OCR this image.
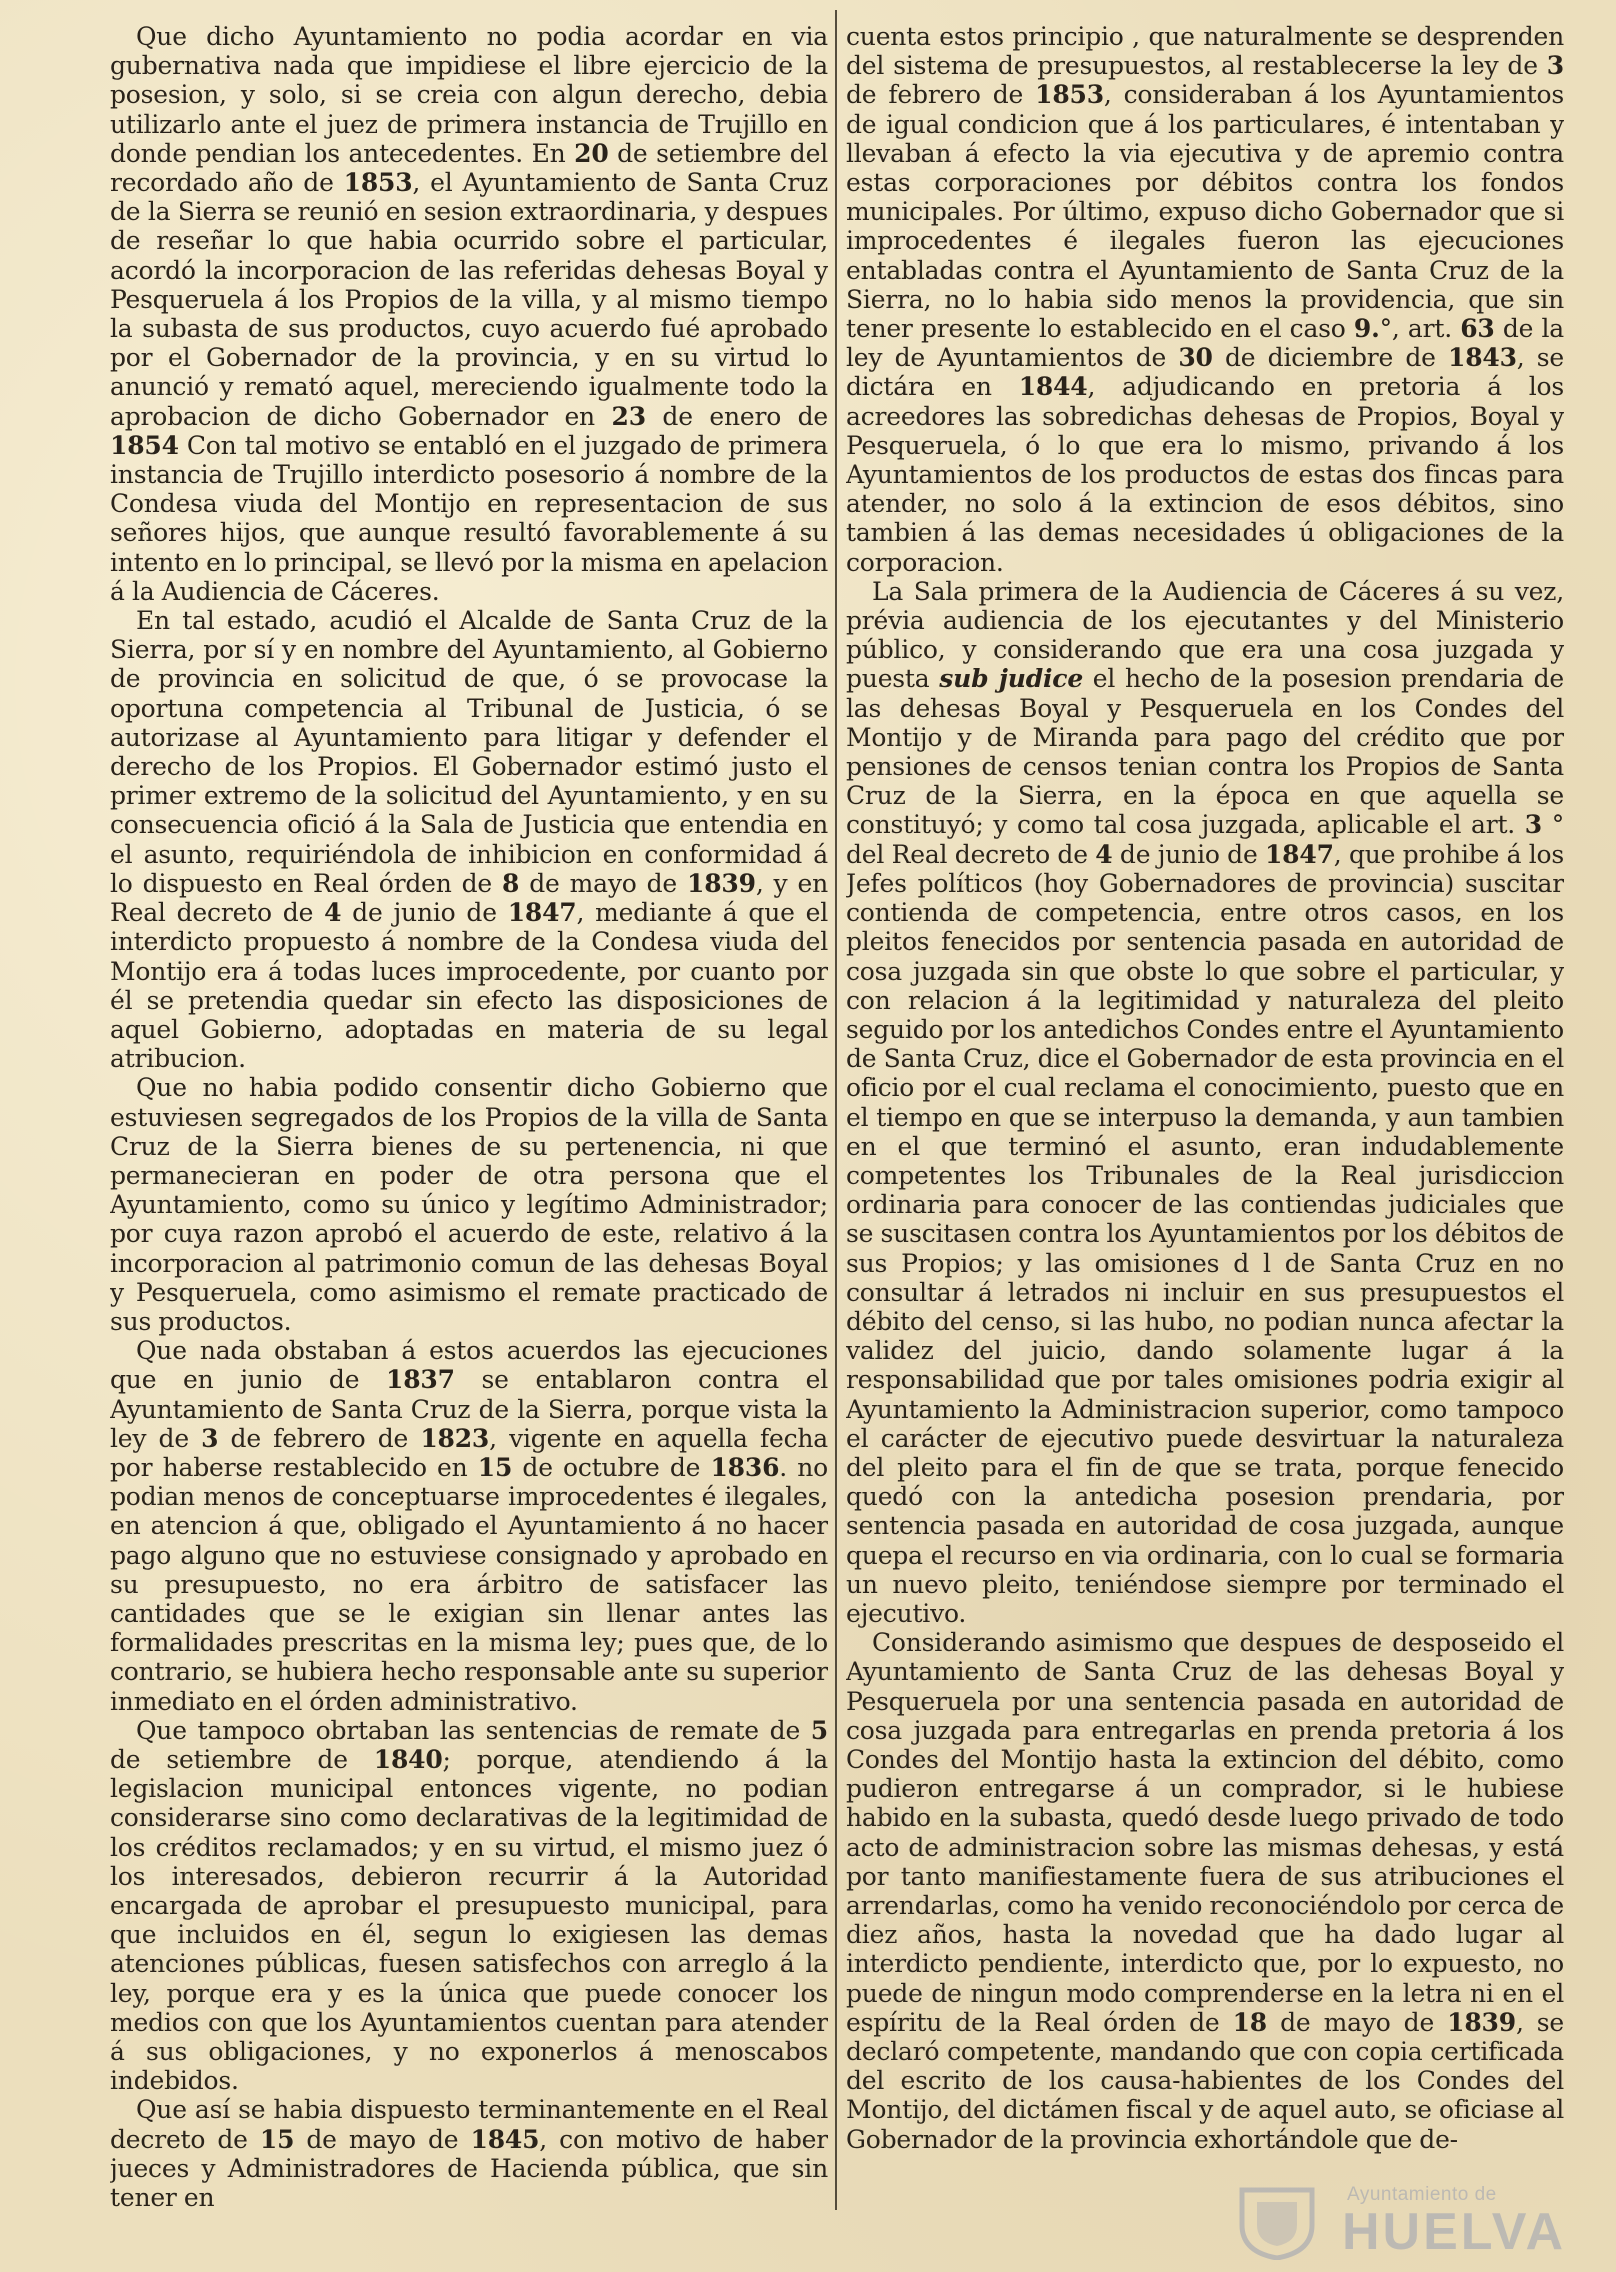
Que dicho Ayuntamiento no podia acordar en via gubernativa nada que impidiese el libre ejercicio de la posesion, y solo, si se creia con algun derecho, debia utilizarlo ante el juez de primera instancia de Trujillo en donde pendian los antecedentes. En 20 de setiembre del recordado año de 1853, el Ayuntamiento de Santa Cruz de la Sierra se reunió en sesion extraordinaria, y despues de reseñar lo que habia ocurrido sobre el particular, acordó la incorporacion de las referidas dehesas Boyal y Pesqueruela á los Propios de la villa, y al mismo tiempo la subasta de sus productos, cuyo acuerdo fué aprobado por el Gobernador de la provincia, y en su virtud lo anunció y remató aquel, mereciendo igualmente todo la aprobacion de dicho Gobernador en 23 de enero de 1854 Con tal motivo se entabló en el juzgado de primera instancia de Trujillo interdicto posesorio á nombre de la Condesa viuda del Montijo en representacion de sus señores hijos, que aunque resultó favorablemente á su intento en lo principal, se llevó por la misma en apelacion á la Audiencia de Cáceres.

En tal estado, acudió el Alcalde de Santa Cruz de la Sierra, por sí y en nombre del Ayuntamiento, al Gobierno de provincia en solicitud de que, ó se provocase la oportuna competencia al Tribunal de Justicia, ó se autorizase al Ayuntamiento para litigar y defender el derecho de los Propios. El Gobernador estimó justo el primer extremo de la solicitud del Ayuntamiento, y en su consecuencia ofició á la Sala de Justicia que entendia en el asunto, requiriéndola de inhibicion en conformidad á lo dispuesto en Real órden de 8 de mayo de 1839, y en Real decreto de 4 de junio de 1847, mediante á que el interdicto propuesto á nombre de la Condesa viuda del Montijo era á todas luces improcedente, por cuanto por él se pretendia quedar sin efecto las disposiciones de aquel Gobierno, adoptadas en materia de su legal atribucion.

Que no habia podido consentir dicho Gobierno que estuviesen segregados de los Propios de la villa de Santa Cruz de la Sierra bienes de su pertenencia, ni que permanecieran en poder de otra persona que el Ayuntamiento, como su único y legítimo Administrador; por cuya razon aprobó el acuerdo de este, relativo á la incorporacion al patrimonio comun de las dehesas Boyal y Pesqueruela, como asimismo el remate practicado de sus productos.

Que nada obstaban á estos acuerdos las ejecuciones que en junio de 1837 se entablaron contra el Ayuntamiento de Santa Cruz de la Sierra, porque vista la ley de 3 de febrero de 1823, vigente en aquella fecha por haberse restablecido en 15 de octubre de 1836. no podian menos de conceptuarse improcedentes é ilegales, en atencion á que, obligado el Ayuntamiento á no hacer pago alguno que no estuviese consignado y aprobado en su presupuesto, no era árbitro de satisfacer las cantidades que se le exigian sin llenar antes las formalidades prescritas en la misma ley; pues que, de lo contrario, se hubiera hecho responsable ante su superior inmediato en el órden administrativo.

Que tampoco obrtaban las sentencias de remate de 5 de setiembre de 1840; porque, atendiendo á la legislacion municipal entonces vigente, no podian considerarse sino como declarativas de la legitimidad de los créditos reclamados; y en su virtud, el mismo juez ó los interesados, debieron recurrir á la Autoridad encargada de aprobar el presupuesto municipal, para que incluidos en él, segun lo exigiesen las demas atenciones públicas, fuesen satisfechos con arreglo á la ley, porque era y es la única que puede conocer los medios con que los Ayuntamientos cuentan para atender á sus obligaciones, y no exponerlos á menoscabos indebidos.

Que así se habia dispuesto terminantemente en el Real decreto de 15 de mayo de 1845, con motivo de haber jueces y Administradores de Hacienda pública, que sin tener en

cuenta estos principio , que naturalmente se desprenden del sistema de presupuestos, al restablecerse la ley de 3 de febrero de 1853, consideraban á los Ayuntamientos de igual condicion que á los particulares, é intentaban y llevaban á efecto la via ejecutiva y de apremio contra estas corporaciones por débitos contra los fondos municipales. Por último, expuso dicho Gobernador que si improcedentes é ilegales fueron las ejecuciones entabladas contra el Ayuntamiento de Santa Cruz de la Sierra, no lo habia sido menos la providencia, que sin tener presente lo establecido en el caso 9.°, art. 63 de la ley de Ayuntamientos de 30 de diciembre de 1843, se dictára en 1844, adjudicando en pretoria á los acreedores las sobredichas dehesas de Propios, Boyal y Pesqueruela, ó lo que era lo mismo, privando á los Ayuntamientos de los productos de estas dos fincas para atender, no solo á la extincion de esos débitos, sino tambien á las demas necesidades ú obligaciones de la corporacion.

La Sala primera de la Audiencia de Cáceres á su vez, prévia audiencia de los ejecutantes y del Ministerio público, y considerando que era una cosa juzgada y puesta sub judice el hecho de la posesion prendaria de las dehesas Boyal y Pesqueruela en los Condes del Montijo y de Miranda para pago del crédito que por pensiones de censos tenian contra los Propios de Santa Cruz de la Sierra, en la época en que aquella se constituyó; y como tal cosa juzgada, aplicable el art. 3 ° del Real decreto de 4 de junio de 1847, que prohibe á los Jefes políticos (hoy Gobernadores de provincia) suscitar contienda de competencia, entre otros casos, en los pleitos fenecidos por sentencia pasada en autoridad de cosa juzgada sin que obste lo que sobre el particular, y con relacion á la legitimidad y naturaleza del pleito seguido por los antedichos Condes entre el Ayuntamiento de Santa Cruz, dice el Gobernador de esta provincia en el oficio por el cual reclama el conocimiento, puesto que en el tiempo en que se interpuso la demanda, y aun tambien en el que terminó el asunto, eran indudablemente competentes los Tribunales de la Real jurisdiccion ordinaria para conocer de las contiendas judiciales que se suscitasen contra los Ayuntamientos por los débitos de sus Propios; y las omisiones d l de Santa Cruz en no consultar á letrados ni incluir en sus presupuestos el débito del censo, si las hubo, no podian nunca afectar la validez del juicio, dando solamente lugar á la responsabilidad que por tales omisiones podria exigir al Ayuntamiento la Administracion superior, como tampoco el carácter de ejecutivo puede desvirtuar la naturaleza del pleito para el fin de que se trata, porque fenecido quedó con la antedicha posesion prendaria, por sentencia pasada en autoridad de cosa juzgada, aunque quepa el recurso en via ordinaria, con lo cual se formaria un nuevo pleito, teniéndose siempre por terminado el ejecutivo.

Considerando asimismo que despues de desposeido el Ayuntamiento de Santa Cruz de las dehesas Boyal y Pesqueruela por una sentencia pasada en autoridad de cosa juzgada para entregarlas en prenda pretoria á los Condes del Montijo hasta la extincion del débito, como pudieron entregarse á un comprador, si le hubiese habido en la subasta, quedó desde luego privado de todo acto de administracion sobre las mismas dehesas, y está por tanto manifiestamente fuera de sus atribuciones el arrendarlas, como ha venido reconociéndolo por cerca de diez años, hasta la novedad que ha dado lugar al interdicto pendiente, interdicto que, por lo expuesto, no puede de ningun modo comprenderse en la letra ni en el espíritu de la Real órden de 18 de mayo de 1839, se declaró competente, mandando que con copia certificada del escrito de los causa-habientes de los Condes del Montijo, del dictámen fiscal y de aquel auto, se oficiase al Gobernador de la provincia exhortándole que de-

Ayuntamiento de
HUELVA
